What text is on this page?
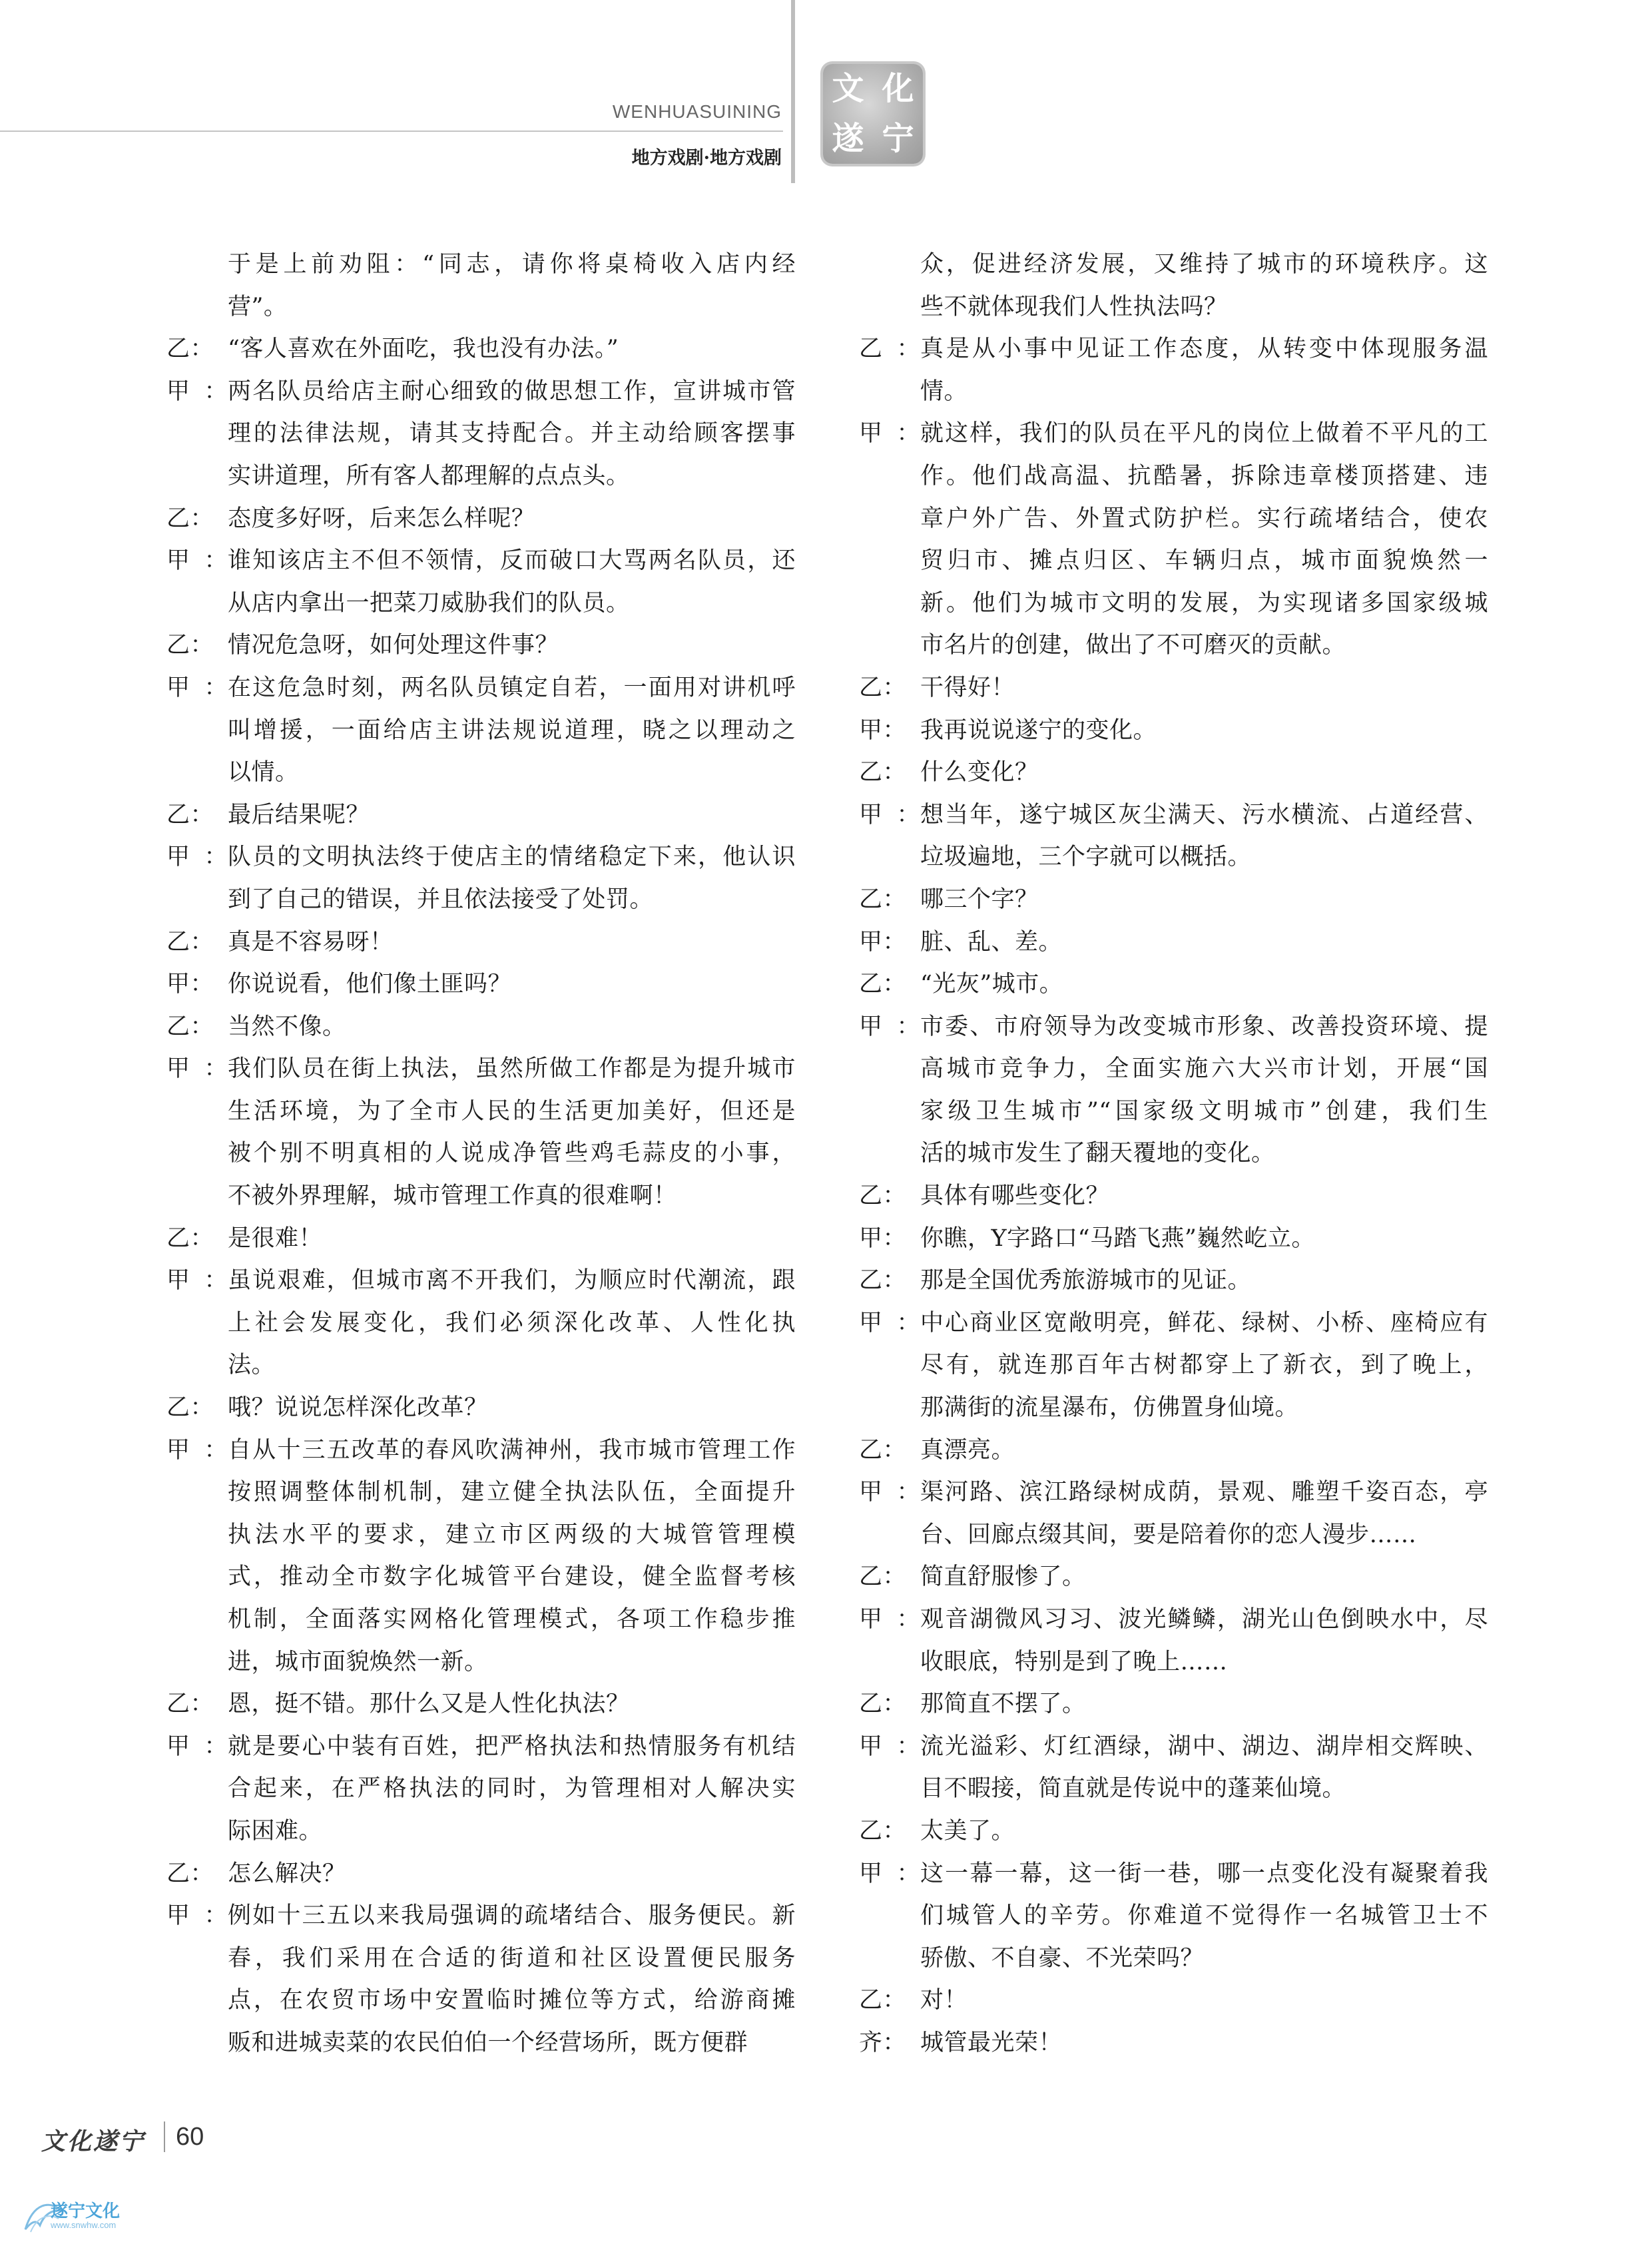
WENHUASUINING
地方戏剧·地方戏剧
文 化
遂 宁
于是上前劝阻：“同志，请你将桌椅收入店内经
营”。
乙： “客人喜欢在外面吃，我也没有办法。”
甲： 两名队员给店主耐心细致的做思想工作，宣讲城市管
理的法律法规，请其支持配合。并主动给顾客摆事
实讲道理，所有客人都理解的点点头。
乙： 态度多好呀，后来怎么样呢？
甲： 谁知该店主不但不领情，反而破口大骂两名队员，还
从店内拿出一把菜刀威胁我们的队员。
乙： 情况危急呀，如何处理这件事？
甲： 在这危急时刻，两名队员镇定自若，一面用对讲机呼
叫增援，一面给店主讲法规说道理，晓之以理动之
以情。
乙： 最后结果呢？
甲： 队员的文明执法终于使店主的情绪稳定下来，他认识
到了自己的错误，并且依法接受了处罚。
乙： 真是不容易呀！
甲： 你说说看，他们像土匪吗？
乙： 当然不像。
甲： 我们队员在街上执法，虽然所做工作都是为提升城市
生活环境，为了全市人民的生活更加美好，但还是
被个别不明真相的人说成净管些鸡毛蒜皮的小事，
不被外界理解，城市管理工作真的很难啊！
乙： 是很难！
甲： 虽说艰难，但城市离不开我们，为顺应时代潮流，跟
上社会发展变化，我们必须深化改革、人性化执
法。
乙： 哦？说说怎样深化改革？
甲： 自从十三五改革的春风吹满神州，我市城市管理工作
按照调整体制机制，建立健全执法队伍，全面提升
执法水平的要求，建立市区两级的大城管管理模
式，推动全市数字化城管平台建设，健全监督考核
机制，全面落实网格化管理模式，各项工作稳步推
进，城市面貌焕然一新。
乙： 恩，挺不错。那什么又是人性化执法？
甲： 就是要心中装有百姓，把严格执法和热情服务有机结
合起来，在严格执法的同时，为管理相对人解决实
际困难。
乙： 怎么解决？
甲： 例如十三五以来我局强调的疏堵结合、服务便民。新
春，我们采用在合适的街道和社区设置便民服务
点，在农贸市场中安置临时摊位等方式，给游商摊
贩和进城卖菜的农民伯伯一个经营场所，既方便群
众，促进经济发展，又维持了城市的环境秩序。这
些不就体现我们人性执法吗？
乙： 真是从小事中见证工作态度，从转变中体现服务温
情。
甲： 就这样，我们的队员在平凡的岗位上做着不平凡的工
作。他们战高温、抗酷暑，拆除违章楼顶搭建、违
章户外广告、外置式防护栏。实行疏堵结合，使农
贸归市、摊点归区、车辆归点，城市面貌焕然一
新。他们为城市文明的发展，为实现诸多国家级城
市名片的创建，做出了不可磨灭的贡献。
乙： 干得好！
甲： 我再说说遂宁的变化。
乙： 什么变化？
甲： 想当年，遂宁城区灰尘满天、污水横流、占道经营、
垃圾遍地，三个字就可以概括。
乙： 哪三个字？
甲： 脏、乱、差。
乙： “光灰”城市。
甲： 市委、市府领导为改变城市形象、改善投资环境、提
高城市竞争力，全面实施六大兴市计划，开展“国
家级卫生城市”“国家级文明城市”创建，我们生
活的城市发生了翻天覆地的变化。
乙： 具体有哪些变化？
甲： 你瞧，Y字路口“马踏飞燕”巍然屹立。
乙： 那是全国优秀旅游城市的见证。
甲： 中心商业区宽敞明亮，鲜花、绿树、小桥、座椅应有
尽有，就连那百年古树都穿上了新衣，到了晚上，
那满街的流星瀑布，仿佛置身仙境。
乙： 真漂亮。
甲： 渠河路、滨江路绿树成荫，景观、雕塑千姿百态，亭
台、回廊点缀其间，要是陪着你的恋人漫步……
乙： 简直舒服惨了。
甲： 观音湖微风习习、波光鳞鳞，湖光山色倒映水中，尽
收眼底，特别是到了晚上……
乙： 那简直不摆了。
甲： 流光溢彩、灯红酒绿，湖中、湖边、湖岸相交辉映、
目不暇接，简直就是传说中的蓬莱仙境。
乙： 太美了。
甲： 这一幕一幕，这一街一巷，哪一点变化没有凝聚着我
们城管人的辛劳。你难道不觉得作一名城管卫士不
骄傲、不自豪、不光荣吗？
乙： 对！
齐： 城管最光荣！
文化遂宁 60
遂宁文化
www.snwhw.com
